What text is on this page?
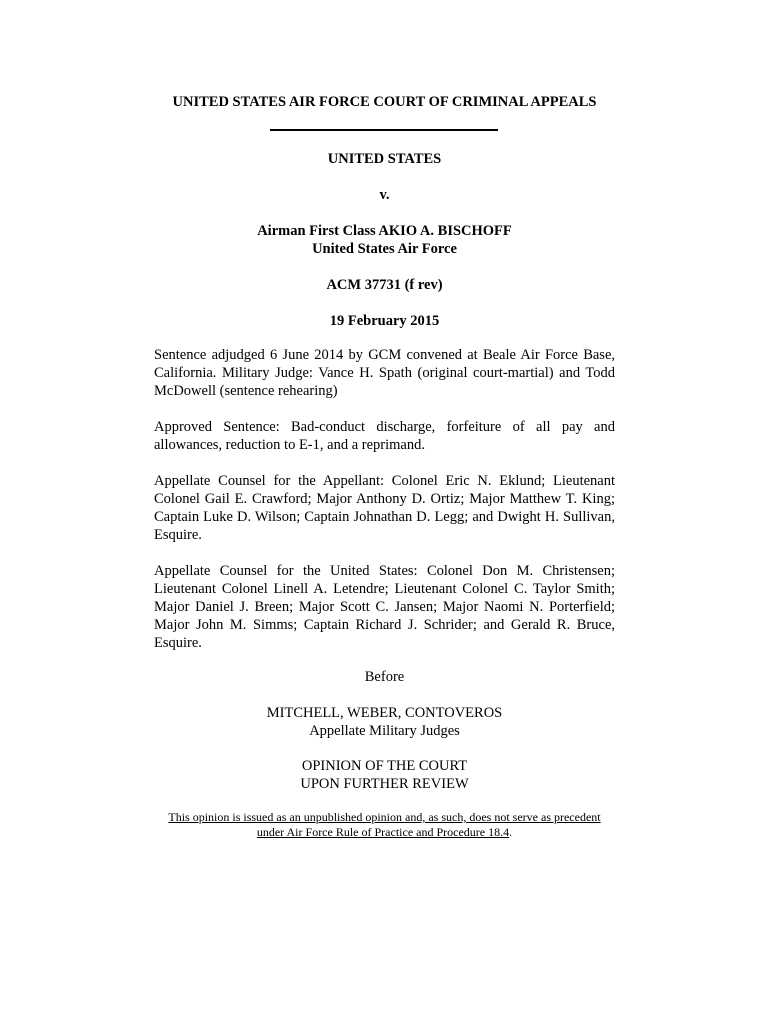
UNITED STATES AIR FORCE COURT OF CRIMINAL APPEALS

UNITED STATES

v.

Airman First Class AKIO A. BISCHOFF

United States Air Force

ACM 37731 (f rev)

19 February 2015

Sentence adjudged 6 June 2014 by GCM convened at Beale Air Force Base, California. Military Judge: Vance H. Spath (original court-martial) and Todd McDowell (sentence rehearing)

Approved Sentence: Bad-conduct discharge, forfeiture of all pay and allowances, reduction to E-1, and a reprimand.

Appellate Counsel for the Appellant: Colonel Eric N. Eklund; Lieutenant Colonel Gail E. Crawford; Major Anthony D. Ortiz; Major Matthew T. King; Captain Luke D. Wilson; Captain Johnathan D. Legg; and Dwight H. Sullivan, Esquire.

Appellate Counsel for the United States: Colonel Don M. Christensen; Lieutenant Colonel Linell A. Letendre; Lieutenant Colonel C. Taylor Smith; Major Daniel J. Breen; Major Scott C. Jansen; Major Naomi N. Porterfield; Major John M. Simms; Captain Richard J. Schrider; and Gerald R. Bruce, Esquire.

Before

MITCHELL, WEBER, CONTOVEROS

Appellate Military Judges

OPINION OF THE COURT

UPON FURTHER REVIEW

This opinion is issued as an unpublished opinion and, as such, does not serve as precedent

under Air Force Rule of Practice and Procedure 18.4.
